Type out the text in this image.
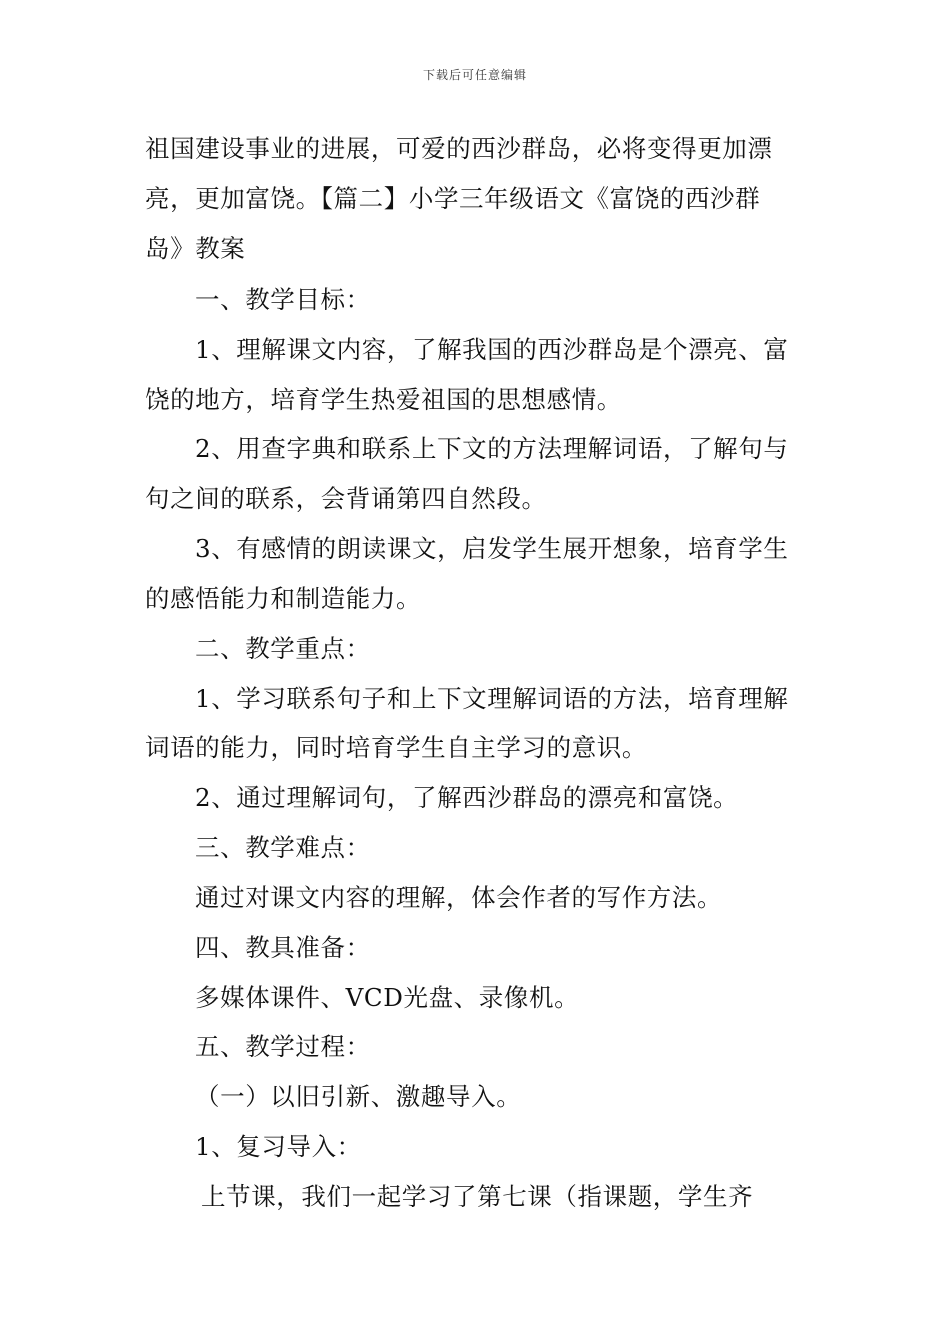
下载后可任意编辑
祖国建设事业的进展，可爱的西沙群岛，必将变得更加漂
亮，更加富饶。【篇二】小学三年级语文《富饶的西沙群
岛》教案
一、教学目标：
1、理解课文内容，了解我国的西沙群岛是个漂亮、富
饶的地方，培育学生热爱祖国的思想感情。
2、用查字典和联系上下文的方法理解词语，了解句与
句之间的联系，会背诵第四自然段。
3、有感情的朗读课文，启发学生展开想象，培育学生
的感悟能力和制造能力。
二、教学重点：
1、学习联系句子和上下文理解词语的方法，培育理解
词语的能力，同时培育学生自主学习的意识。
2、通过理解词句，了解西沙群岛的漂亮和富饶。
三、教学难点：
通过对课文内容的理解，体会作者的写作方法。
四、教具准备：
多媒体课件、VCD光盘、录像机。
五、教学过程：
（一）以旧引新、激趣导入。
1、复习导入：
上节课，我们一起学习了第七课（指课题，学生齐
